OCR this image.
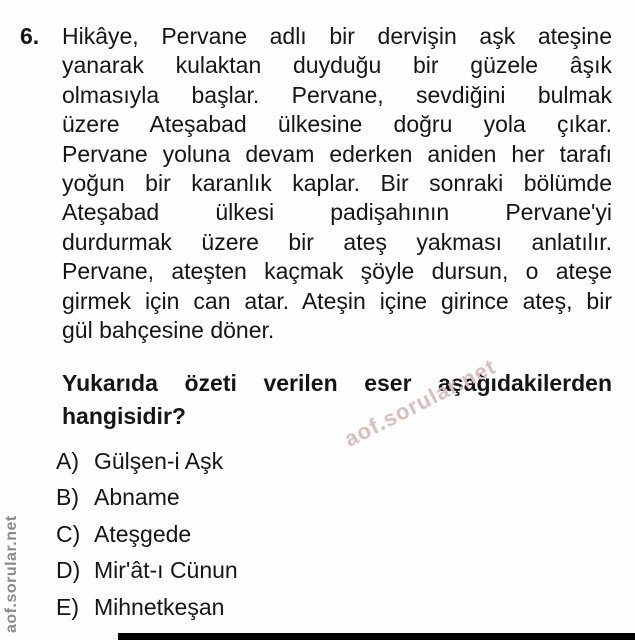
6. Hikâye, Pervane adlı bir dervişin aşk ateşine
yanarak kulaktan duyduğu bir güzele âşık
olmasıyla başlar. Pervane, sevdiğini bulmak
üzere Ateşabad ülkesine doğru yola çıkar.
Pervane yoluna devam ederken aniden her tarafı
yoğun bir karanlık kaplar. Bir sonraki bölümde
Ateşabad ülkesi padişahının Pervane'yi
durdurmak üzere bir ateş yakması anlatılır.
Pervane, ateşten kaçmak şöyle dursun, o ateşe
girmek için can atar. Ateşin içine girince ateş, bir
gül bahçesine döner.
Yukarıda özeti verilen eser aşağıdakilerden
hangisidir?
A) Gülşen-i Aşk
B) Abname
C) Ateşgede
D) Mir'ât-ı Cünun
E) Mihnetkeşan
aof.sorular.net
aof.sorular.net
